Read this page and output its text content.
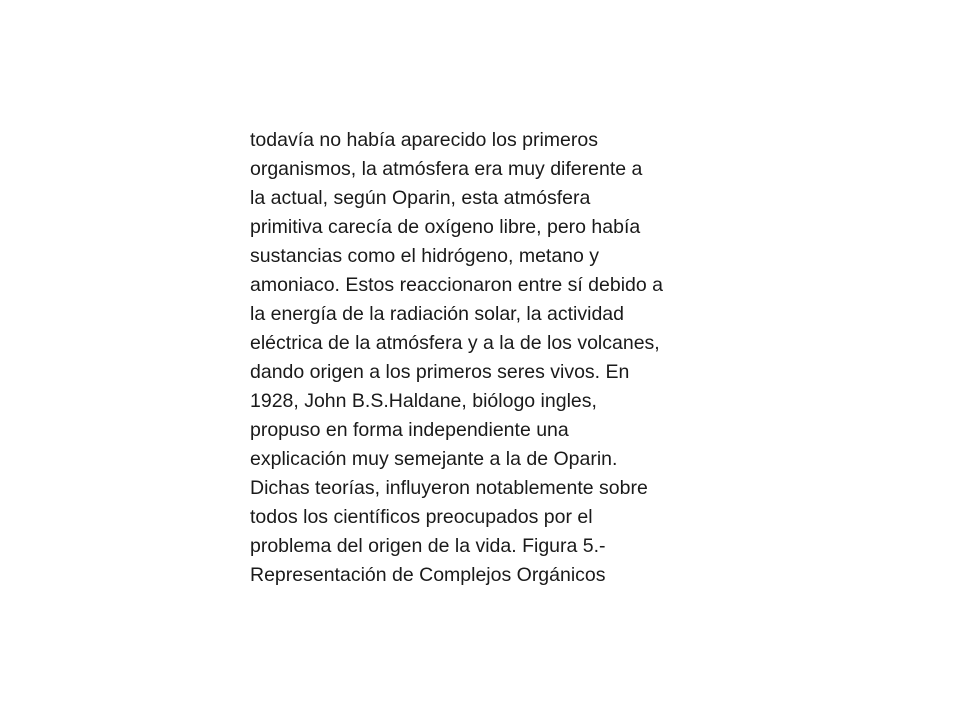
todavía no había aparecido los primeros
organismos, la atmósfera era muy diferente a
la actual, según Oparin, esta atmósfera
primitiva carecía de oxígeno libre, pero había
sustancias como el hidrógeno, metano y
amoniaco. Estos reaccionaron entre sí debido a
la energía de la radiación solar, la actividad
eléctrica de la atmósfera y a la de los volcanes,
dando origen a los primeros seres vivos. En
1928, John B.S.Haldane, biólogo ingles,
propuso en forma independiente una
explicación muy semejante a la de Oparin.
Dichas teorías, influyeron notablemente sobre
todos los científicos preocupados por el
problema del origen de la vida. Figura 5.-
Representación de Complejos Orgánicos
